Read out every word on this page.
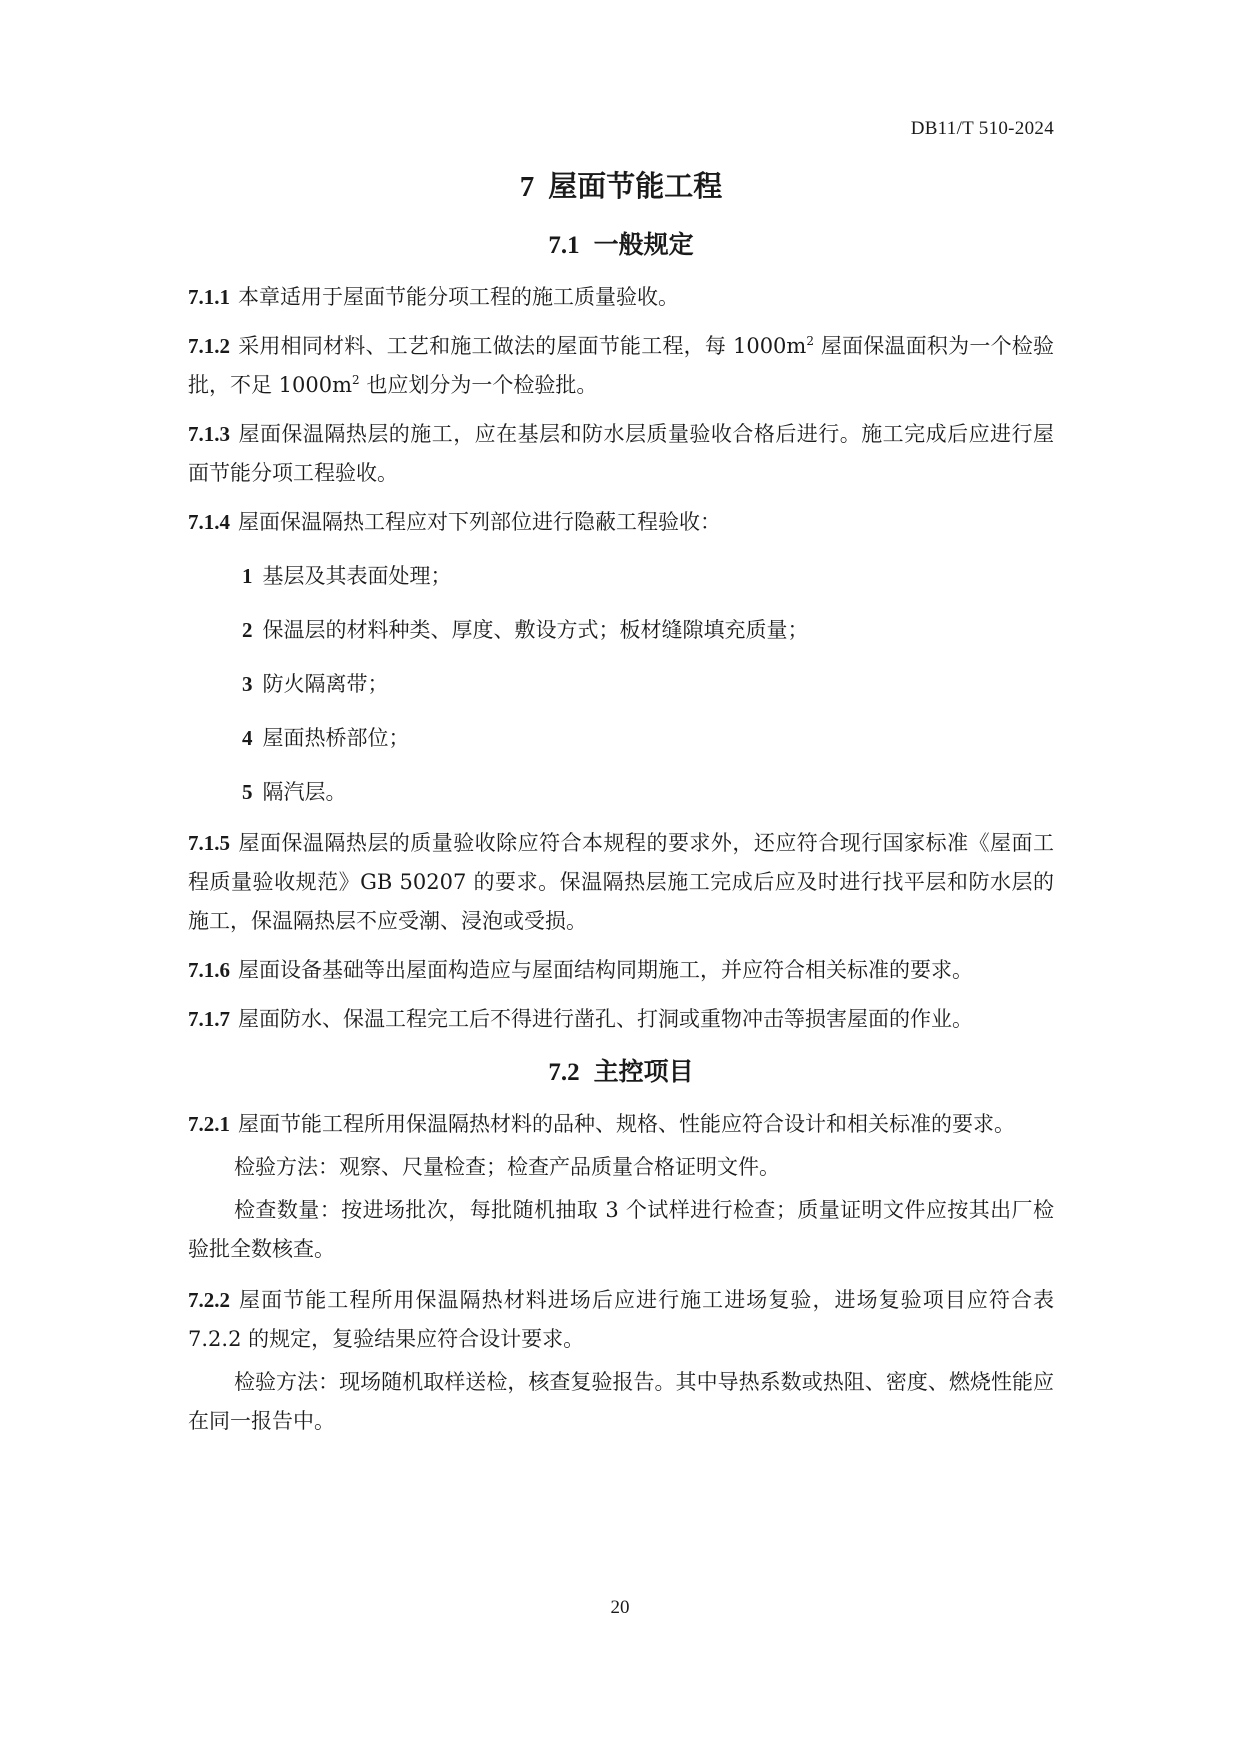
DB11/T 510-2024
7 屋面节能工程
7.1 一般规定

7.1.1 本章适用于屋面节能分项工程的施工质量验收。

7.1.2 采用相同材料、工艺和施工做法的屋面节能工程，每 $1000m^2$ 屋面保温面积为一个检验批，不足 $1000m^2$ 也应划分为一个检验批。

7.1.3 屋面保温隔热层的施工，应在基层和防水层质量验收合格后进行。施工完成后应进行屋面节能分项工程验收。

7.1.4 屋面保温隔热工程应对下列部位进行隐蔽工程验收：

1 基层及其表面处理；
2 保温层的材料种类、厚度、敷设方式；板材缝隙填充质量；
3 防火隔离带；
4 屋面热桥部位；
5 隔汽层。

7.1.5 屋面保温隔热层的质量验收除应符合本规程的要求外，还应符合现行国家标准《屋面工程质量验收规范》GB 50207 的要求。保温隔热层施工完成后应及时进行找平层和防水层的施工，保温隔热层不应受潮、浸泡或受损。

7.1.6 屋面设备基础等出屋面构造应与屋面结构同期施工，并应符合相关标准的要求。

7.1.7 屋面防水、保温工程完工后不得进行凿孔、打洞或重物冲击等损害屋面的作业。

7.2 主控项目

7.2.1 屋面节能工程所用保温隔热材料的品种、规格、性能应符合设计和相关标准的要求。

检验方法：观察、尺量检查；检查产品质量合格证明文件。

检查数量：按进场批次，每批随机抽取 3 个试样进行检查；质量证明文件应按其出厂检验批全数核查。

7.2.2 屋面节能工程所用保温隔热材料进场后应进行施工进场复验，进场复验项目应符合表 7.2.2 的规定，复验结果应符合设计要求。

检验方法：现场随机取样送检，核查复验报告。其中导热系数或热阻、密度、燃烧性能应在同一报告中。

20
